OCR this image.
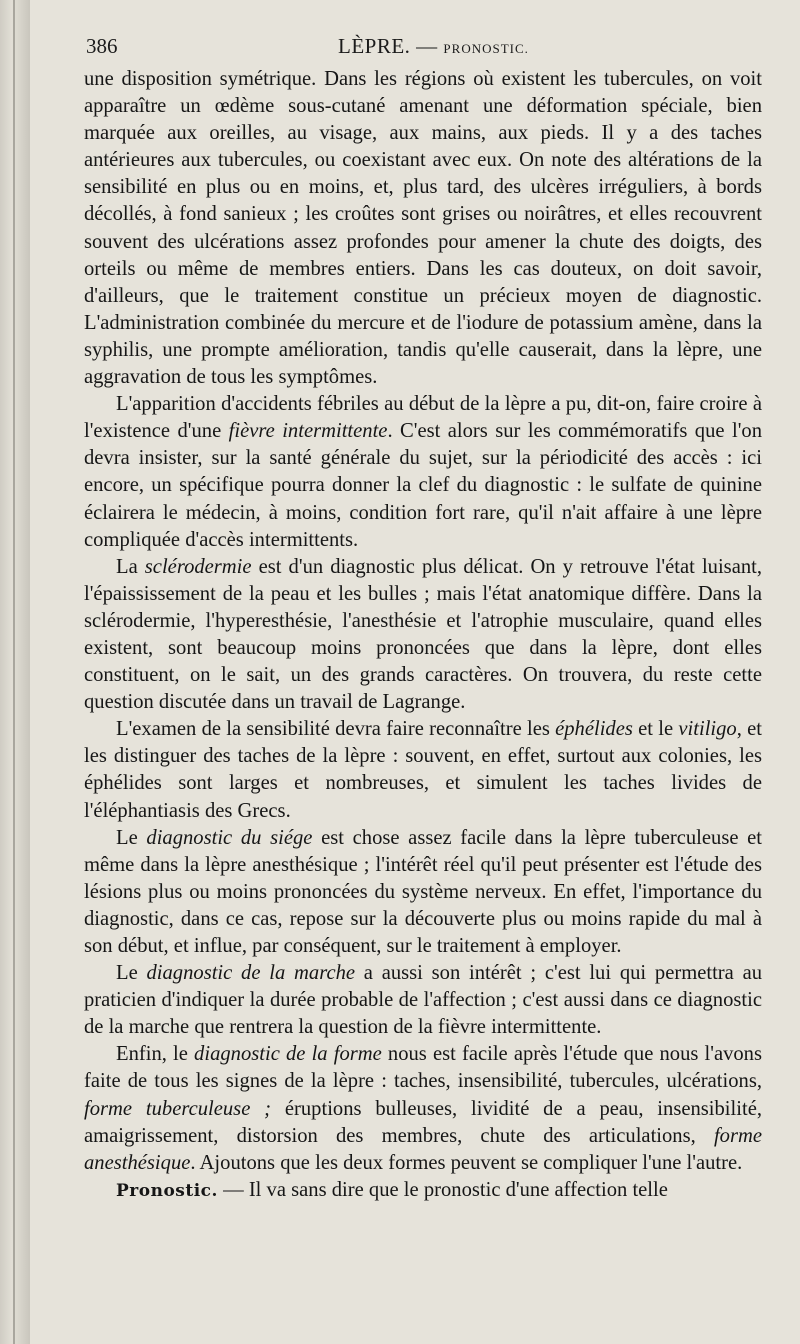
386	LÈPRE. — PRONOSTIC.

une disposition symétrique. Dans les régions où existent les tubercules, on voit apparaître un œdème sous-cutané amenant une déformation spéciale, bien marquée aux oreilles, au visage, aux mains, aux pieds. Il y a des taches antérieures aux tubercules, ou coexistant avec eux. On note des altérations de la sensibilité en plus ou en moins, et, plus tard, des ulcères irréguliers, à bords décollés, à fond sanieux ; les croûtes sont grises ou noirâtres, et elles recouvrent souvent des ulcérations assez profondes pour amener la chute des doigts, des orteils ou même de membres entiers. Dans les cas douteux, on doit savoir, d'ailleurs, que le traitement constitue un précieux moyen de diagnostic. L'administration combinée du mercure et de l'iodure de potassium amène, dans la syphilis, une prompte amélioration, tandis qu'elle causerait, dans la lèpre, une aggravation de tous les symptômes.

L'apparition d'accidents fébriles au début de la lèpre a pu, dit-on, faire croire à l'existence d'une fièvre intermittente. C'est alors sur les commémoratifs que l'on devra insister, sur la santé générale du sujet, sur la périodicité des accès : ici encore, un spécifique pourra donner la clef du diagnostic : le sulfate de quinine éclairera le médecin, à moins, condition fort rare, qu'il n'ait affaire à une lèpre compliquée d'accès intermittents.

La sclérodermie est d'un diagnostic plus délicat. On y retrouve l'état luisant, l'épaississement de la peau et les bulles ; mais l'état anatomique diffère. Dans la sclérodermie, l'hyperesthésie, l'anesthésie et l'atrophie musculaire, quand elles existent, sont beaucoup moins prononcées que dans la lèpre, dont elles constituent, on le sait, un des grands caractères. On trouvera, du reste cette question discutée dans un travail de Lagrange.

L'examen de la sensibilité devra faire reconnaître les éphélides et le vitiligo, et les distinguer des taches de la lèpre : souvent, en effet, surtout aux colonies, les éphélides sont larges et nombreuses, et simulent les taches livides de l'éléphantiasis des Grecs.

Le diagnostic du siége est chose assez facile dans la lèpre tuberculeuse et même dans la lèpre anesthésique ; l'intérêt réel qu'il peut présenter est l'étude des lésions plus ou moins prononcées du système nerveux. En effet, l'importance du diagnostic, dans ce cas, repose sur la découverte plus ou moins rapide du mal à son début, et influe, par conséquent, sur le traitement à employer.

Le diagnostic de la marche a aussi son intérêt ; c'est lui qui permettra au praticien d'indiquer la durée probable de l'affection ; c'est aussi dans ce diagnostic de la marche que rentrera la question de la fièvre intermittente.

Enfin, le diagnostic de la forme nous est facile après l'étude que nous l'avons faite de tous les signes de la lèpre : taches, insensibilité, tubercules, ulcérations, forme tuberculeuse ; éruptions bulleuses, lividité de a peau, insensibilité, amaigrissement, distorsion des membres, chute des articulations, forme anesthésique. Ajoutons que les deux formes peuvent se compliquer l'une l'autre.

Pronostic. — Il va sans dire que le pronostic d'une affection telle
